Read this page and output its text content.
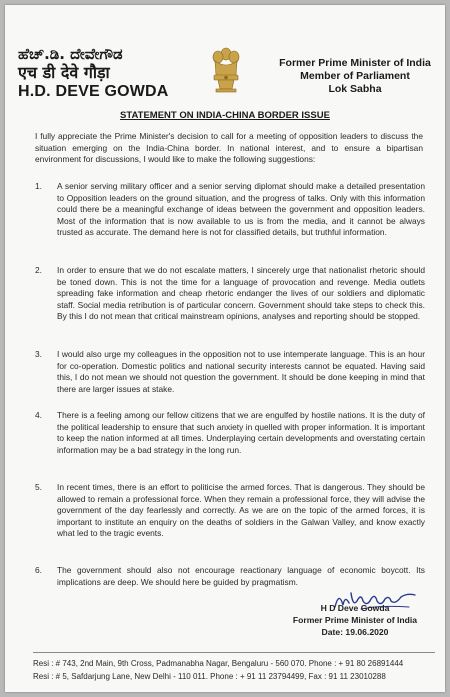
ಹೆಚ್.ಡಿ. ದೇವೇಗೌಡ
एच डी देवे गौड़ा
H.D. DEVE GOWDA
Former Prime Minister of India
Member of Parliament
Lok Sabha
STATEMENT ON INDIA-CHINA BORDER ISSUE
I fully appreciate the Prime Minister's decision to call for a meeting of opposition leaders to discuss the situation emerging on the India-China border. In national interest, and to ensure a bipartisan environment for discussions, I would like to make the following suggestions:
1. A senior serving military officer and a senior serving diplomat should make a detailed presentation to Opposition leaders on the ground situation, and the progress of talks. Only with this information could there be a meaningful exchange of ideas between the government and opposition leaders. Most of the information that is now available to us is from the media, and it cannot be always trusted as accurate. The demand here is not for classified details, but truthful information.
2. In order to ensure that we do not escalate matters, I sincerely urge that nationalist rhetoric should be toned down. This is not the time for a language of provocation and revenge. Media outlets spreading fake information and cheap rhetoric endanger the lives of our soldiers and diplomatic staff. Social media retribution is of particular concern. Government should take steps to check this. By this I do not mean that critical mainstream opinions, analyses and reporting should be stopped.
3. I would also urge my colleagues in the opposition not to use intemperate language. This is an hour for co-operation. Domestic politics and national security interests cannot be equated. Having said this, I do not mean we should not question the government. It should be done keeping in mind that there are larger issues at stake.
4. There is a feeling among our fellow citizens that we are engulfed by hostile nations. It is the duty of the political leadership to ensure that such anxiety in quelled with proper information. It is important to keep the nation informed at all times. Underplaying certain developments and overstating certain information may be a bad strategy in the long run.
5. In recent times, there is an effort to politicise the armed forces. That is dangerous. They should be allowed to remain a professional force. When they remain a professional force, they will advise the government of the day fearlessly and correctly. As we are on the topic of the armed forces, it is important to institute an enquiry on the deaths of soldiers in the Galwan Valley, and know exactly what led to the tragic events.
6. The government should also not encourage reactionary language of economic boycott. Its implications are deep. We should here be guided by pragmatism.
H D Deve Gowda
Former Prime Minister of India
Date: 19.06.2020
Resi : # 743, 2nd Main, 9th Cross, Padmanabha Nagar, Bengaluru - 560 070. Phone : + 91 80 26891444
Resi : # 5, Safdarjung Lane, New Delhi - 110 011. Phone : + 91 11 23794499, Fax : 91 11 23010288
